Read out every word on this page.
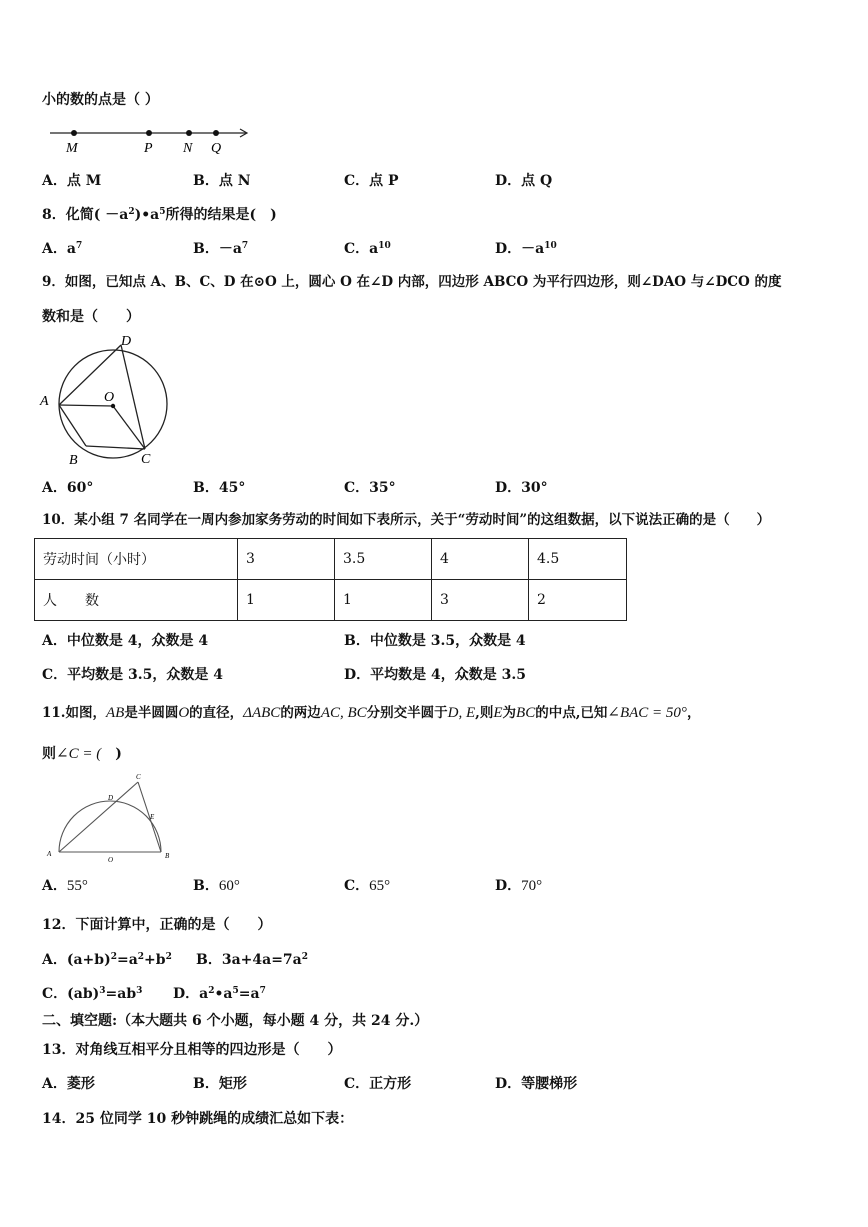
小的数的点是（ ）
M	P N Q
A．点 M	B．点 N	C．点 P	D．点 Q
8．化简( $-a^2)•a^5$所得的结果是(　)
A．$a^7$	B．$-a^7$	C．$a^{10}$	D．$-a^{10}$
9．如图，已知点 A、B、C、D 在⊙O 上，圆心 O 在∠D 内部，四边形 ABCO 为平行四边形，则∠DAO 与∠DCO 的度
数和是（　　）
D
A	O
B	C
A．60°	B．45°	C．35°	D．30°
10．某小组 7 名同学在一周内参加家务劳动的时间如下表所示，关于“劳动时间”的这组数据，以下说法正确的是（　　）
劳动时间（小时）	3	3.5	4	4.5
人　　数	1	1	3	2
A．中位数是 4，众数是 4	B．中位数是 3.5，众数是 4
C．平均数是 3.5，众数是 4	D．平均数是 4，众数是 3.5
11.如图，AB是半圆圆O的直径，ΔABC的两边AC, BC分别交半圆于D, E,则E为BC的中点,已知∠BAC = 50°，
则∠C = (　)
C
D
E
A
O	B
A．55°	B．60°	C．65°	D．70°
12．下面计算中，正确的是（　　）
A．$(a+b)^2=a^2+b^2$ B．$3a+4a=7a^2$
C．$(ab)^3=ab^3$ D．$a^2•a^5=a^7$
二、填空题:（本大题共 6 个小题，每小题 4 分，共 24 分.）
13．对角线互相平分且相等的四边形是（　　）
A．菱形	B．矩形	C．正方形	D．等腰梯形
14．25 位同学 10 秒钟跳绳的成绩汇总如下表：
